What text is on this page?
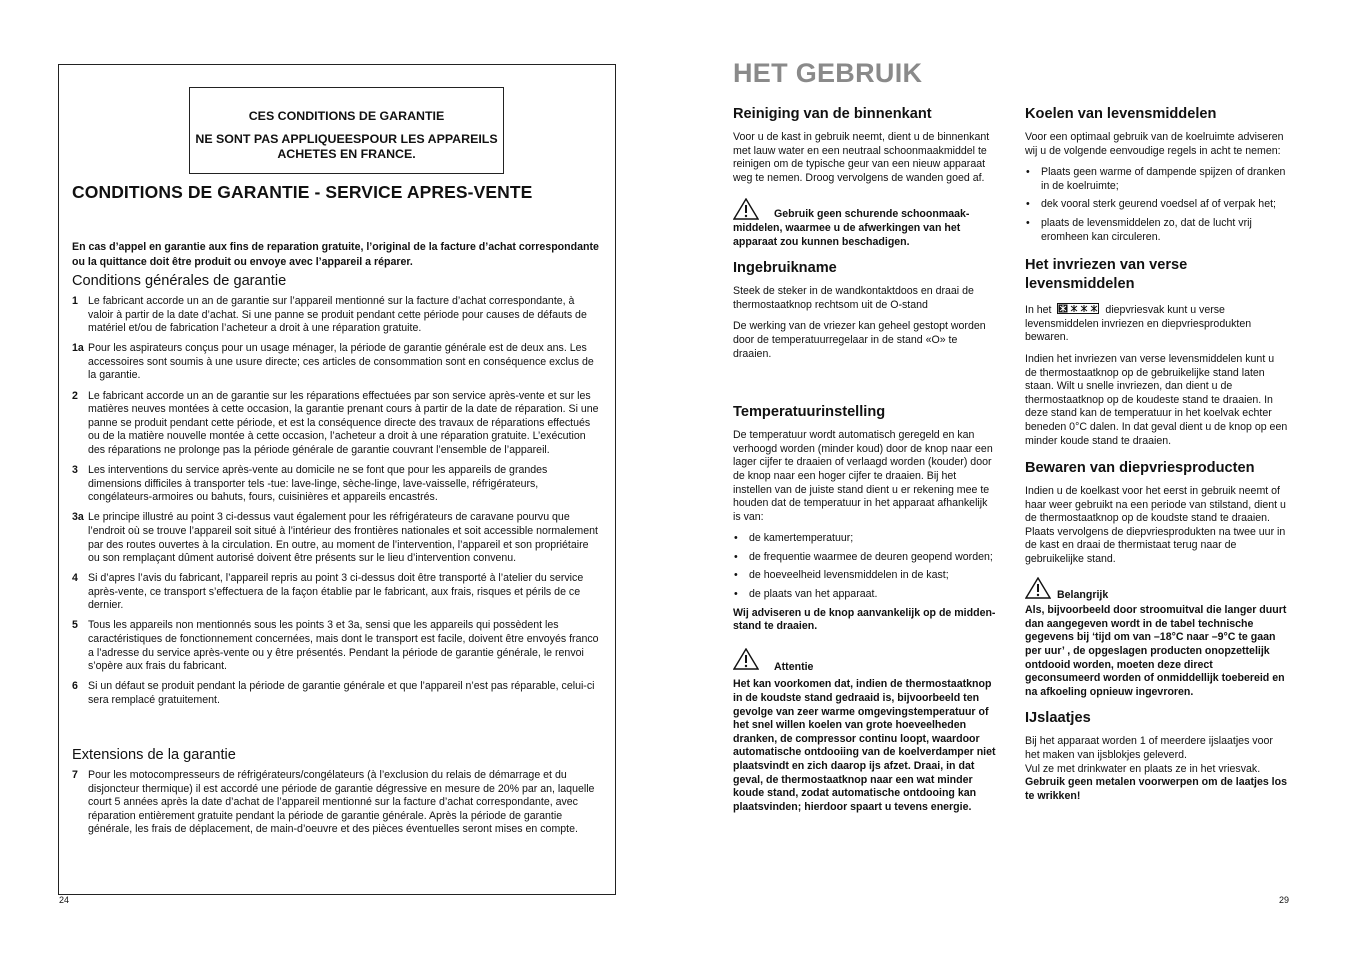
CES CONDITIONS DE GARANTIE

NE SONT PAS APPLIQUEESPOUR LES APPAREILS ACHETES EN FRANCE.

CONDITIONS DE GARANTIE - SERVICE APRES-VENTE
En cas d’appel en garantie aux fins de reparation gratuite, l’original de la facture d’achat correspondante ou la quittance doit être produit ou envoye avec l’appareil a réparer.
Conditions générales de garantie
1 Le fabricant accorde un an de garantie sur l’appareil mentionné sur la facture d’achat correspondante, à valoir à partir de la date d’achat. Si une panne se produit pendant cette période pour causes de défauts de matériel et/ou de fabrication l’acheteur a droit à une réparation gratuite.
1a Pour les aspirateurs conçus pour un usage ménager, la période de garantie générale est de deux ans. Les accessoires sont soumis à une usure directe; ces articles de consommation sont en conséquence exclus de la garantie.
2 Le fabricant accorde un an de garantie sur les réparations effectuées par son service après-vente et sur les matières neuves montées à cette occasion, la garantie prenant cours à partir de la date de réparation. Si une panne se produit pendant cette période, et est la conséquence directe des travaux de réparations effectués ou de la matière nouvelle montée à cette occasion, l’acheteur a droit à une réparation gratuite. L’exécution des réparations ne prolonge pas la période générale de garantie couvrant l’ensemble de l’appareil.
3 Les interventions du service après-vente au domicile ne se font que pour les appareils de grandes dimensions difficiles à transporter tels -tue: lave-linge, sèche-linge, lave-vaisselle, réfrigérateurs, congélateurs-armoires ou bahuts, fours, cuisinières et appareils encastrés.
3a Le principe illustré au point 3 ci-dessus vaut également pour les réfrigérateurs de caravane pourvu que l’endroit où se trouve l’appareil soit situé à l’intérieur des frontières nationales et soit accessible normalement par des routes ouvertes à la circulation. En outre, au moment de l’intervention, l’appareil et son propriétaire ou son remplaçant dûment autorisé doivent être présents sur le lieu d’intervention convenu.
4 Si d’apres l’avis du fabricant, l’appareil repris au point 3 ci-dessus doit être transporté à l’atelier du service après-vente, ce transport s’effectuera de la façon établie par le fabricant, aux frais, risques et périls de ce dernier.
5 Tous les appareils non mentionnés sous les points 3 et 3a, sensi que les appareils qui possèdent les caractéristiques de fonctionnement concernées, mais dont le transport est facile, doivent être envoyés franco a l’adresse du service après-vente ou y être présentés. Pendant la période de garantie générale, le renvoi s’opère aux frais du fabricant.
6 Si un défaut se produit pendant la période de garantie générale et que l’appareil n’est pas réparable, celui-ci sera remplacé gratuitement.
Extensions de la garantie
7 Pour les motocompresseurs de réfrigérateurs/congélateurs (à l’exclusion du relais de démarrage et du disjoncteur thermique) il est accordé une période de garantie dégressive en mesure de 20% par an, laquelle court 5 années après la date d’achat de l’appareil mentionné sur la facture d’achat correspondante, avec réparation entièrement gratuite pendant la période de garantie générale. Après la période de garantie générale, les frais de déplacement, de main-d’oeuvre et des pièces éventuelles seront mises en compte.
24
HET GEBRUIK
Reiniging van de binnenkant

Voor u de kast in gebruik neemt, dient u de binnenkant met lauw water en een neutraal schoonmaakmiddel te reinigen om de typische geur van een nieuw apparaat weg te nemen. Droog vervolgens de wanden goed af.

Gebruik geen schurende schoonmaak-
middelen, waarmee u de afwerkingen van het apparaat zou kunnen beschadigen.
Ingebruikname

Steek de steker in de wandkontaktdoos en draai de thermostaatknop rechtsom uit de O-stand

De werking van de vriezer kan geheel gestopt worden door de temperatuurregelaar in de stand «O» te draaien.

Temperatuurinstelling

De temperatuur wordt automatisch geregeld en kan verhoogd worden (minder koud) door de knop naar een lager cijfer te draaien of verlaagd worden (kouder) door de knop naar een hoger cijfer te draaien. Bij het instellen van de juiste stand dient u er rekening mee te houden dat de temperatuur in het apparaat afhankelijk is van:

• de kamertemperatuur;
• de frequentie waarmee de deuren geopend worden;
• de hoeveelheid levensmiddelen in de kast;
• de plaats van het apparaat.

Wij adviseren u de knop aanvankelijk op de midden-stand te draaien.

Attentie
Het kan voorkomen dat, indien de thermostaatknop in de koudste stand gedraaid is, bijvoorbeeld ten gevolge van zeer warme omgevingstemperatuur of het snel willen koelen van grote hoeveelheden dranken, de compressor continu loopt, waardoor automatische ontdooiing van de koelverdamper niet plaatsvindt en zich daarop ijs afzet. Draai, in dat geval, de thermostaatknop naar een wat minder koude stand, zodat automatische ontdooing kan plaatsvinden; hierdoor spaart u tevens energie.
Koelen van levensmiddelen

Voor een optimaal gebruik van de koelruimte adviseren wij u de volgende eenvoudige regels in acht te nemen:

• Plaats geen warme of dampende spijzen of dranken in de koelruimte;
• dek vooral sterk geurend voedsel af of verpak het;
• plaats de levensmiddelen zo, dat de lucht vrij eromheen kan circuleren.
Het invriezen van verse levensmiddelen

In het	diepvriesvak kunt u verse levensmiddelen invriezen en diepvriesprodukten bewaren.

Indien het invriezen van verse levensmiddelen kunt u de thermostaatknop op de gebruikelijke stand laten staan. Wilt u snelle invriezen, dan dient u de thermostaatknop op de koudeste stand te draaien. In deze stand kan de temperatuur in het koelvak echter beneden 0°C dalen. In dat geval dient u de knop op een minder koude stand te draaien.

Bewaren van diepvriesproducten

Indien u de koelkast voor het eerst in gebruik neemt of haar weer gebruikt na een periode van stilstand, dient u de thermostaatknop op de koudste stand te draaien. Plaats vervolgens de diepvriesprodukten na twee uur in de kast en draai de thermistaat terug naar de gebruikelijke stand.

Belangrijk
Als, bijvoorbeeld door stroomuitval die langer duurt dan aangegeven wordt in de tabel technische gegevens bij ‘tijd om van –18°C naar –9°C te gaan per uur’ , de opgeslagen producten onopzettelijk ontdooid worden, moeten deze direct geconsumeerd worden of onmiddellijk toebereid en na afkoeling opnieuw ingevroren.
IJslaatjes

Bij het apparaat worden 1 of meerdere ijslaatjes voor het maken van ijsblokjes geleverd.

Vul ze met drinkwater en plaats ze in het vriesvak.

Gebruik geen metalen voorwerpen om de laatjes los te wrikken!

29
